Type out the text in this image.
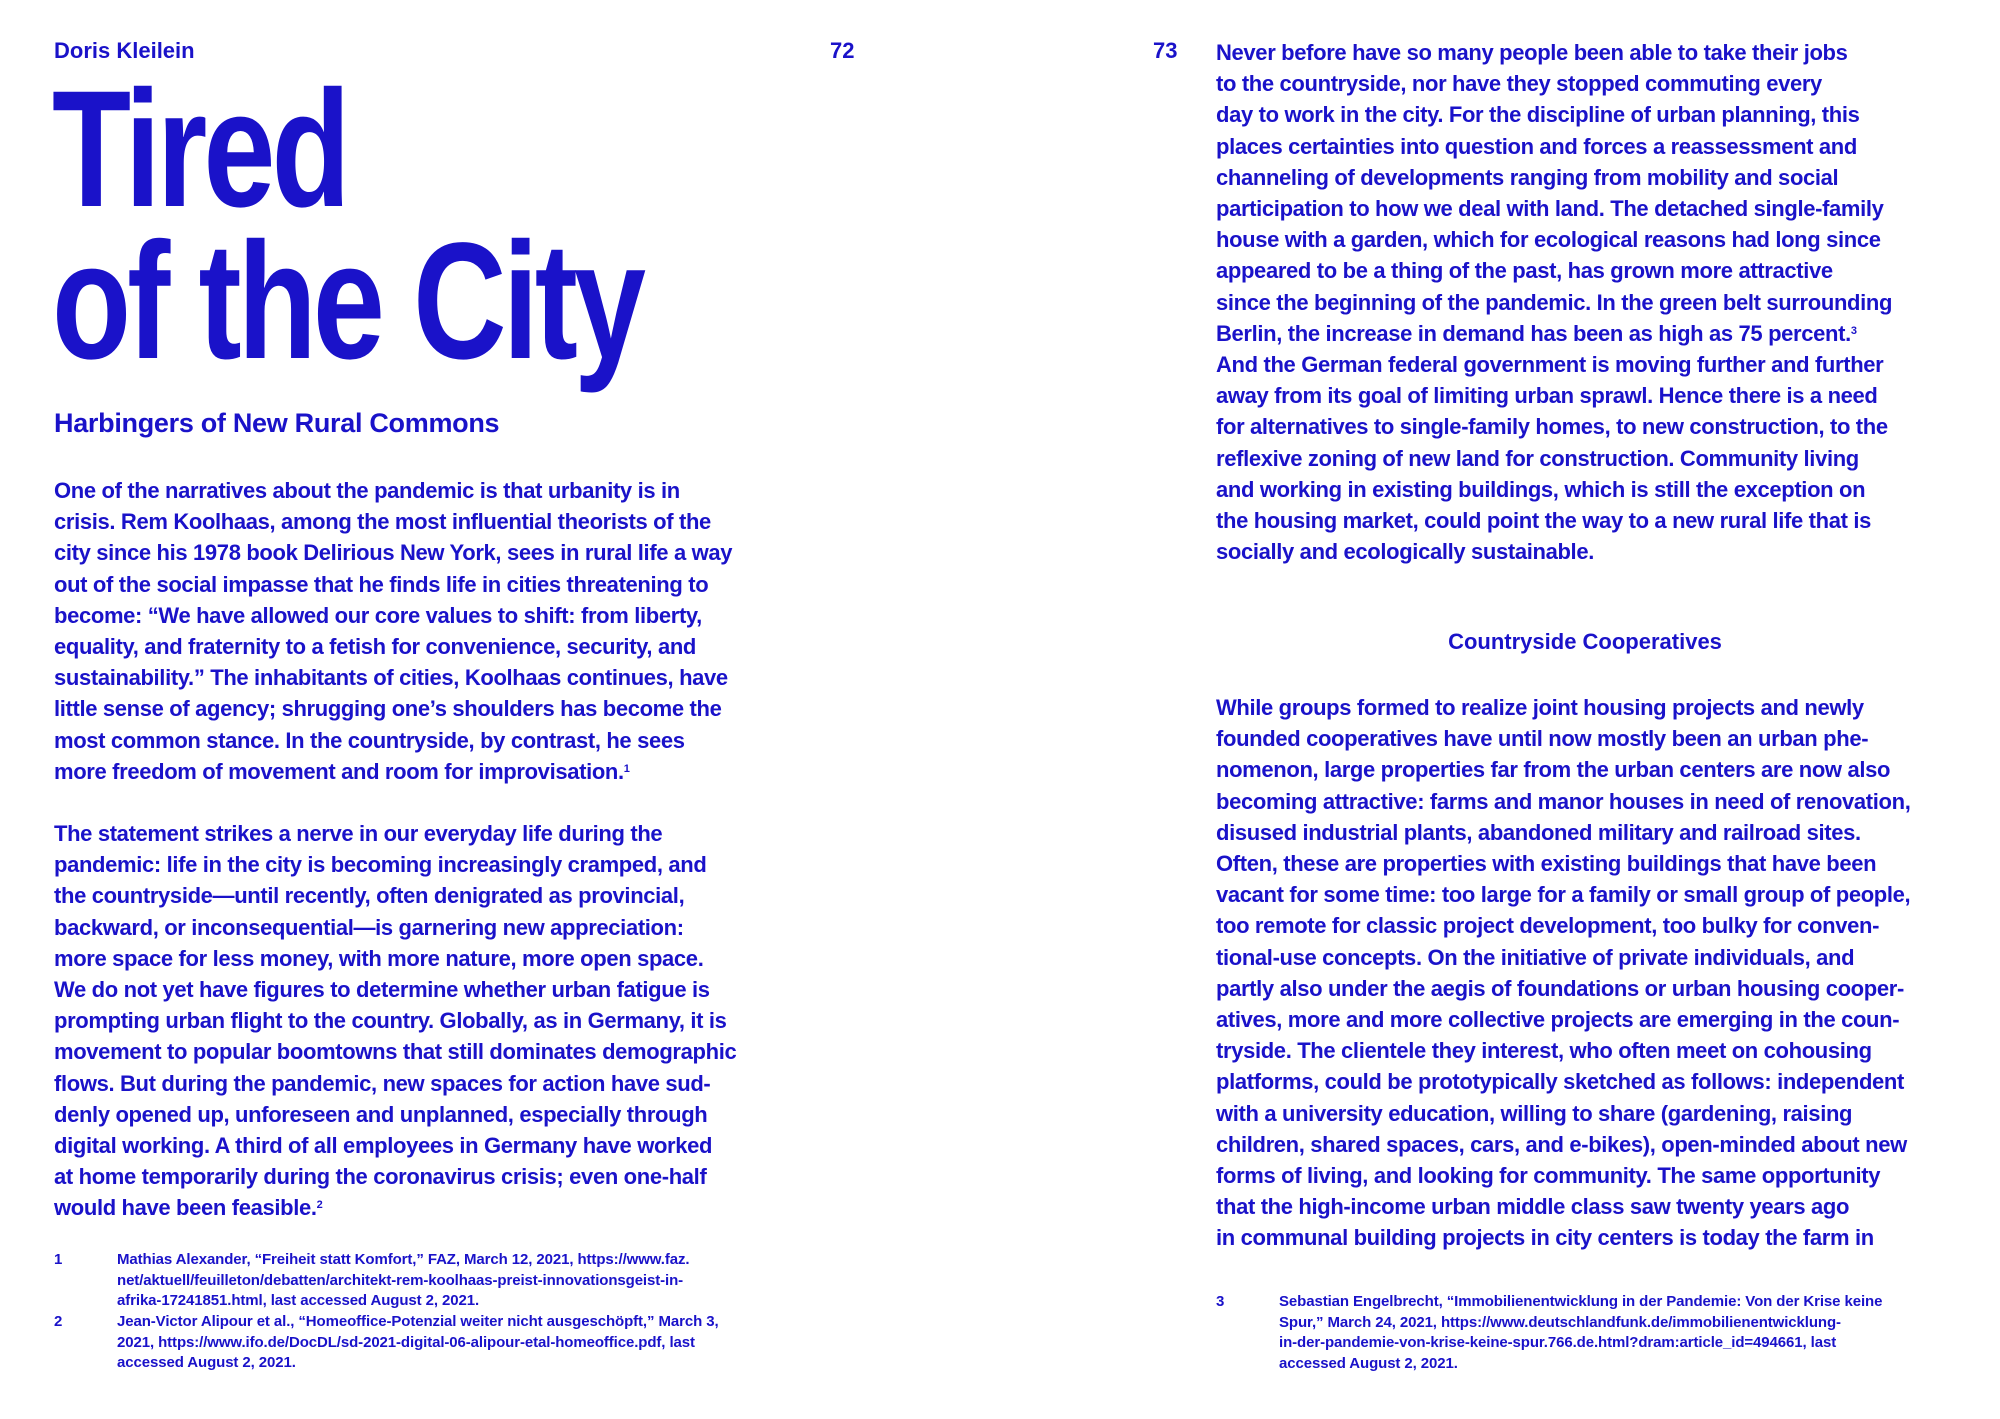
Doris Kleilein	72	73
Tired
of the City
Harbingers of New Rural Commons

One of the narratives about the pandemic is that urbanity is in
crisis. Rem Koolhaas, among the most influential theorists of the
city since his 1978 book Delirious New York, sees in rural life a way
out of the social impasse that he finds life in cities threatening to
become: “We have allowed our core values to shift: from liberty,
equality, and fraternity to a fetish for convenience, security, and
sustainability.” The inhabitants of cities, Koolhaas continues, have
little sense of agency; shrugging one’s shoulders has become the
most common stance. In the countryside, by contrast, he sees
more freedom of movement and room for improvisation.$^1$

The statement strikes a nerve in our everyday life during the
pandemic: life in the city is becoming increasingly cramped, and
the countryside—until recently, often denigrated as provincial,
backward, or inconsequential—is garnering new appreciation:
more space for less money, with more nature, more open space.
We do not yet have figures to determine whether urban fatigue is
prompting urban flight to the country. Globally, as in Germany, it is
movement to popular boomtowns that still dominates demographic
flows. But during the pandemic, new spaces for action have sud-
denly opened up, unforeseen and unplanned, especially through
digital working. A third of all employees in Germany have worked
at home temporarily during the coronavirus crisis; even one-half
would have been feasible.$^2$

1	Mathias Alexander, “Freiheit statt Komfort,” FAZ, March 12, 2021, https://www.faz.
net/aktuell/feuilleton/debatten/architekt-rem-koolhaas-preist-innovationsgeist-in-
afrika-17241851.html, last accessed August 2, 2021.
2	Jean-Victor Alipour et al., “Homeoffice-Potenzial weiter nicht ausgeschöpft,” March 3,
2021, https://www.ifo.de/DocDL/sd-2021-digital-06-alipour-etal-homeoffice.pdf, last
accessed August 2, 2021.

Never before have so many people been able to take their jobs
to the countryside, nor have they stopped commuting every
day to work in the city. For the discipline of urban planning, this
places certainties into question and forces a reassessment and
channeling of developments ranging from mobility and social
participation to how we deal with land. The detached single-family
house with a garden, which for ecological reasons had long since
appeared to be a thing of the past, has grown more attractive
since the beginning of the pandemic. In the green belt surrounding
Berlin, the increase in demand has been as high as 75 percent.$^3$
And the German federal government is moving further and further
away from its goal of limiting urban sprawl. Hence there is a need
for alternatives to single-family homes, to new construction, to the
reflexive zoning of new land for construction. Community living
and working in existing buildings, which is still the exception on
the housing market, could point the way to a new rural life that is
socially and ecologically sustainable.

Countryside Cooperatives

While groups formed to realize joint housing projects and newly
founded cooperatives have until now mostly been an urban phe-
nomenon, large properties far from the urban centers are now also
becoming attractive: farms and manor houses in need of renovation,
disused industrial plants, abandoned military and railroad sites.
Often, these are properties with existing buildings that have been
vacant for some time: too large for a family or small group of people,
too remote for classic project development, too bulky for conven-
tional-use concepts. On the initiative of private individuals, and
partly also under the aegis of foundations or urban housing cooper-
atives, more and more collective projects are emerging in the coun-
tryside. The clientele they interest, who often meet on cohousing
platforms, could be prototypically sketched as follows: independent
with a university education, willing to share (gardening, raising
children, shared spaces, cars, and e-bikes), open-minded about new
forms of living, and looking for community. The same opportunity
that the high-income urban middle class saw twenty years ago
in communal building projects in city centers is today the farm in

3	Sebastian Engelbrecht, “Immobilienentwicklung in der Pandemie: Von der Krise keine
Spur,” March 24, 2021, https://www.deutschlandfunk.de/immobilienentwicklung-
in-der-pandemie-von-krise-keine-spur.766.de.html?dram:article_id=494661, last
accessed August 2, 2021.
